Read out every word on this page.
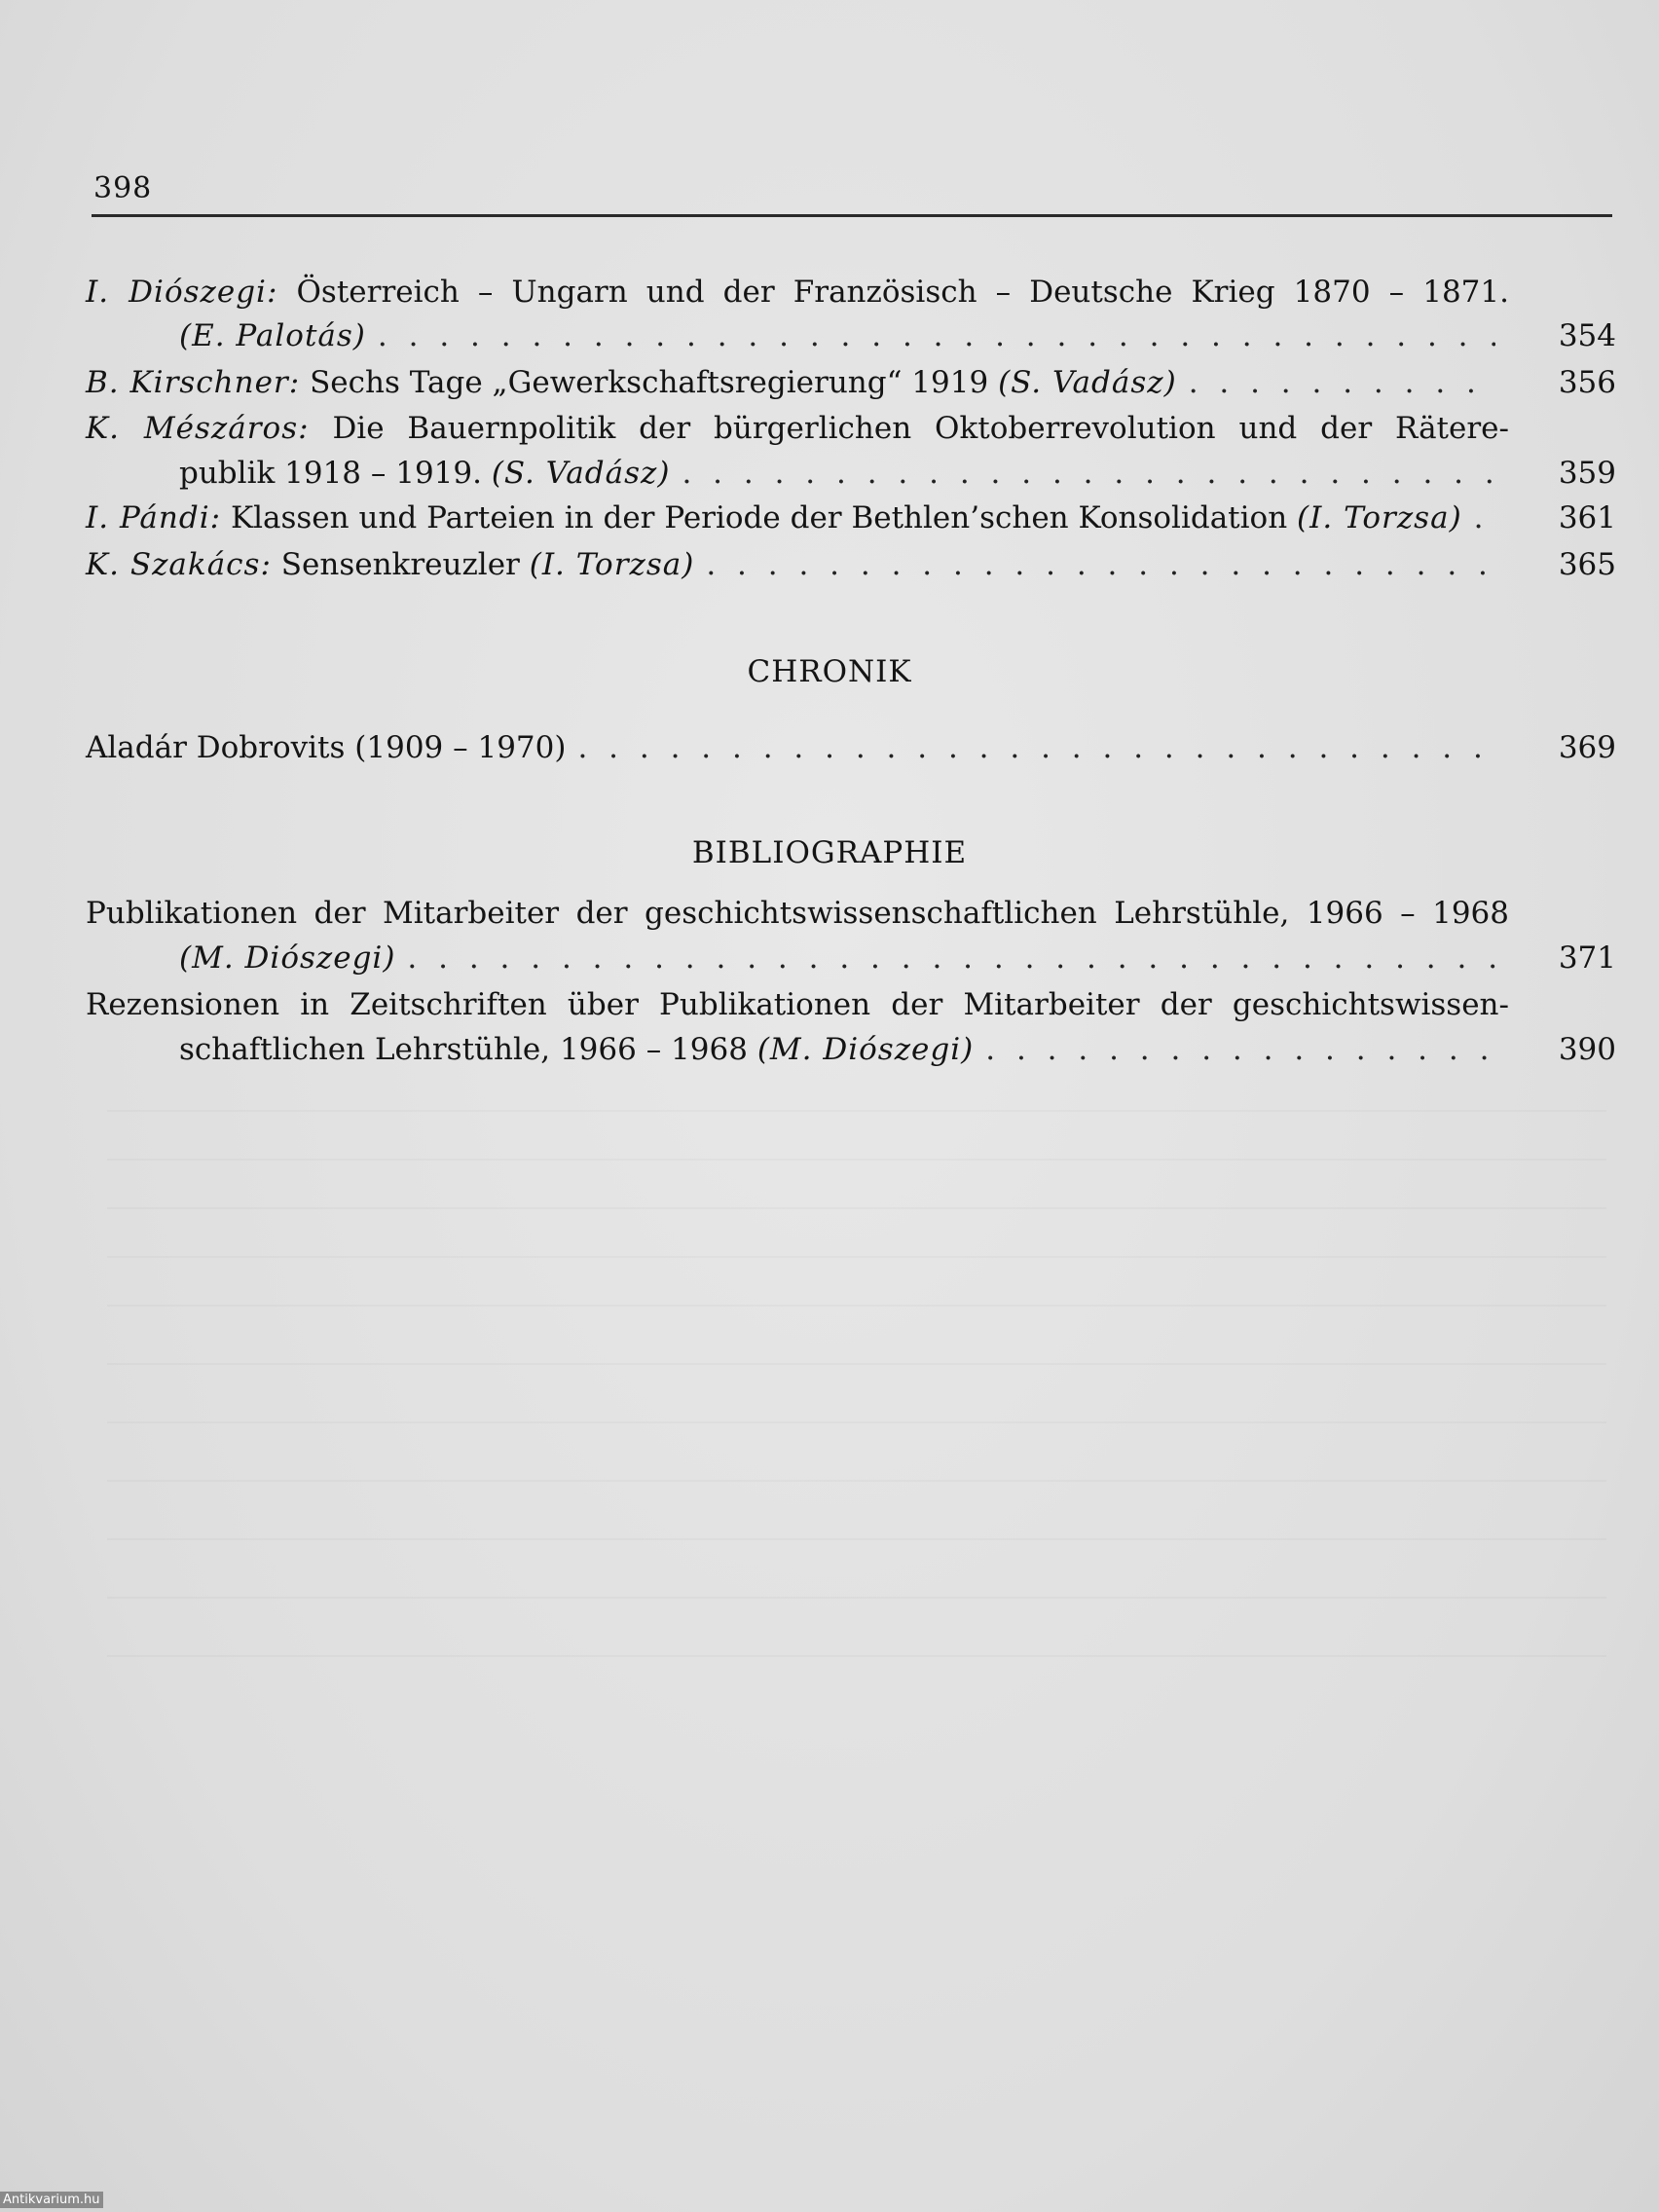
398
I. Diószegi: Österreich – Ungarn und der Französisch – Deutsche Krieg 1870 – 1871.
(E. Palotás) . . .	354
B. Kirschner: Sechs Tage „Gewerkschaftsregierung“ 1919 (S. Vadász) . . .	356
K. Mészáros: Die Bauernpolitik der bürgerlichen Oktoberrevolution und der Rätere-
publik 1918 – 1919. (S. Vadász) . . .	359
I. Pándi: Klassen und Parteien in der Periode der Bethlen’schen Konsolidation (I. Torzsa) . . .	361
K. Szakács: Sensenkreuzler (I. Torzsa) . . .	365
Aladár Dobrovits (1909 – 1970) . . .	369
Publikationen der Mitarbeiter der geschichtswissenschaftlichen Lehrstühle, 1966 – 1968
(M. Diószegi) . . .	371
Rezensionen in Zeitschriften über Publikationen der Mitarbeiter der geschichtswissen-
schaftlichen Lehrstühle, 1966 – 1968 (M. Diószegi) . . .	390
CHRONIK
BIBLIOGRAPHIE
Antikvarium.hu
